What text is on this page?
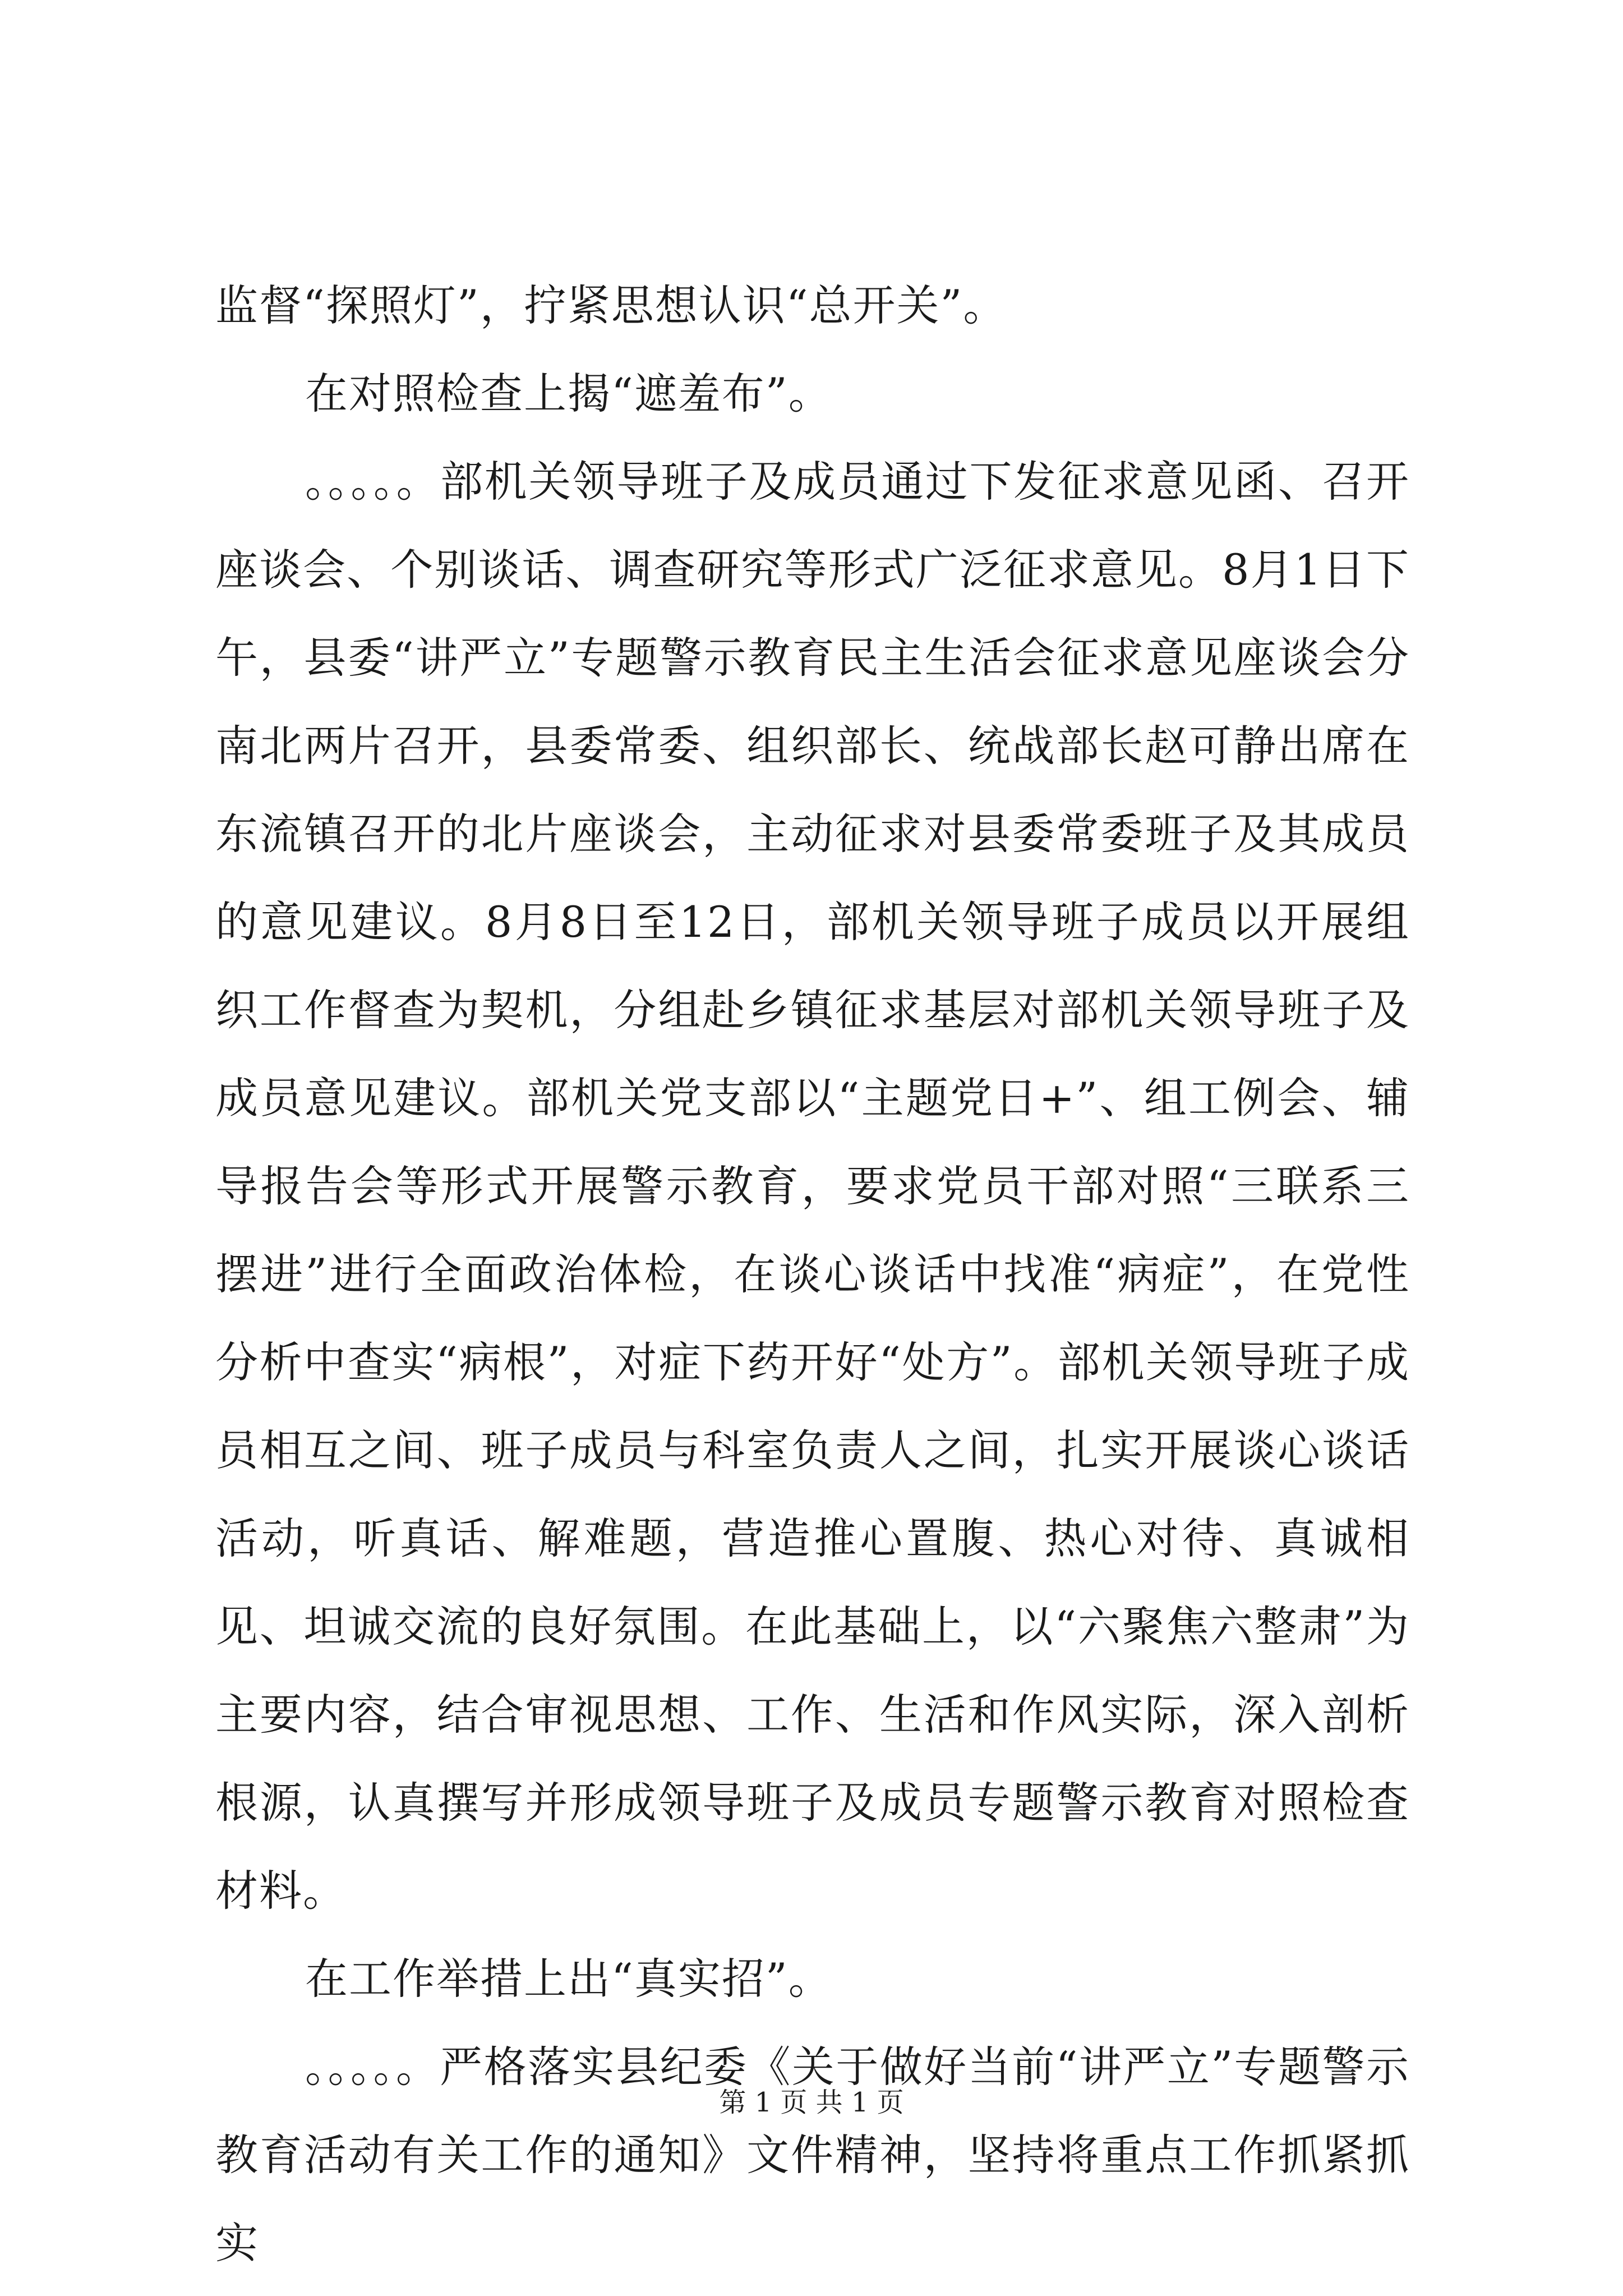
监督“探照灯”，拧紧思想认识“总开关”。

在对照检查上揭“遮羞布”。

。。。。。部机关领导班子及成员通过下发征求意见函、召开座谈会、个别谈话、调查研究等形式广泛征求意见。8月1日下午，县委“讲严立”专题警示教育民主生活会征求意见座谈会分南北两片召开，县委常委、组织部长、统战部长赵可静出席在东流镇召开的北片座谈会，主动征求对县委常委班子及其成员的意见建议。8月8日至12日，部机关领导班子成员以开展组织工作督查为契机，分组赴乡镇征求基层对部机关领导班子及成员意见建议。部机关党支部以“主题党日+”、组工例会、辅导报告会等形式开展警示教育，要求党员干部对照“三联系三摆进”进行全面政治体检，在谈心谈话中找准“病症”，在党性分析中查实“病根”，对症下药开好“处方”。部机关领导班子成员相互之间、班子成员与科室负责人之间，扎实开展谈心谈话活动，听真话、解难题，营造推心置腹、热心对待、真诚相见、坦诚交流的良好氛围。在此基础上，以“六聚焦六整肃”为主要内容，结合审视思想、工作、生活和作风实际，深入剖析根源，认真撰写并形成领导班子及成员专题警示教育对照检查材料。

在工作举措上出“真实招”。

。。。。。严格落实县纪委《关于做好当前“讲严立”专题警示教育活动有关工作的通知》文件精神，坚持将重点工作抓紧抓实

第 1 页 共 1 页
